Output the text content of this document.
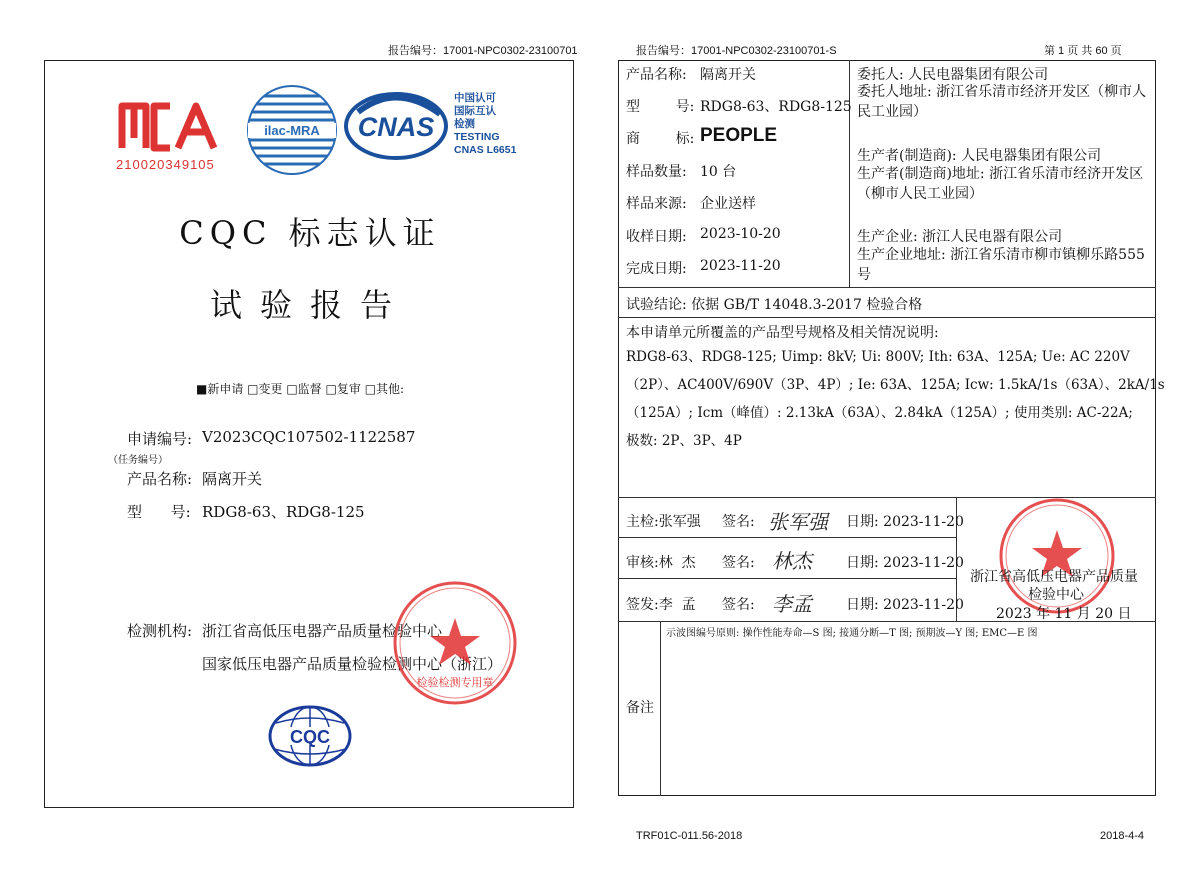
报告编号：17001-NPC0302-23100701
210020349105
ilac-MRA CNAS
中国认可
国际互认
检测
TESTING
CNAS L6651
CQC 标志认证
试验报告
■新申请 □变更 □监督 □复审 □其他:
申请编号: V2023CQC107502-1122587
（任务编号）
产品名称: 隔离开关
型      号: RDG8-63、RDG8-125
检测机构: 浙江省高低压电器产品质量检验中心
国家低压电器产品质量检验检测中心（浙江）
检验检测专用章
CQC
报告编号：17001-NPC0302-23100701-S	第 1 页 共 60 页
产品名称: 隔离开关
型        号: RDG8-63、RDG8-125
商        标: PEOPLE
样品数量: 10 台
样品来源: 企业送样
收样日期: 2023-10-20
完成日期: 2023-11-20
委托人: 人民电器集团有限公司
委托人地址: 浙江省乐清市经济开发区（柳市人民工业园）
生产者(制造商): 人民电器集团有限公司
生产者(制造商)地址: 浙江省乐清市经济开发区（柳市人民工业园）
生产企业: 浙江人民电器有限公司
生产企业地址: 浙江省乐清市柳市镇柳乐路555号
试验结论: 依据 GB/T 14048.3-2017 检验合格
本申请单元所覆盖的产品型号规格及相关情况说明:
RDG8-63、RDG8-125; Uimp: 8kV; Ui: 800V; Ith: 63A、125A; Ue: AC 220V
（2P）、AC400V/690V（3P、4P）; Ie: 63A、125A; Icw: 1.5kA/1s（63A）、2kA/1s
（125A）; Icm（峰值）: 2.13kA（63A）、2.84kA（125A）; 使用类别: AC-22A;
极数: 2P、3P、4P
主检:张军强 签名: 张军强 日期: 2023-11-20
审核:林  杰 签名: 林杰 日期: 2023-11-20
签发:李  孟 签名: 李孟 日期: 2023-11-20
浙江省高低压电器产品质量
检验中心
2023 年 11 月 20 日
示波图编号原则: 操作性能寿命—S 图; 接通分断—T 图; 预期波—Y 图; EMC—E 图
备注
TRF01C-011.56-2018	2018-4-4
